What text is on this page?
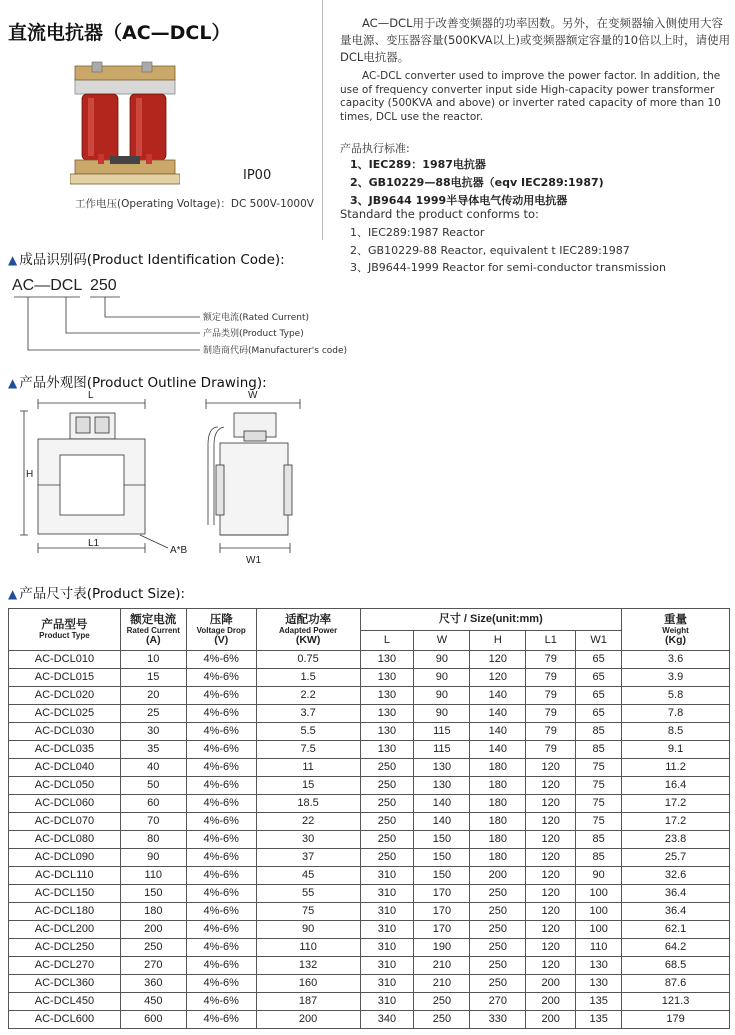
直流电抗器（AC—DCL）	AC—DCL用于改善变频器的功率因数。另外，在变频器输入侧使用大容量电源、变压器容量(500KVA以上)或变频器额定容量的10倍以上时，请使用DCL电抗器。
AC-DCL converter used to improve the power factor. In addition, the use of frequency converter input side High-capacity power transformer capacity (500KVA and above) or inverter rated capacity of more than 10 times, DCL use the reactor.
产品执行标准:
1、IEC289：1987电抗器
2、GB10229—88电抗器（eqv IEC289:1987)
3、JB9644 1999半导体电气传动用电抗器
Standard the product conforms to:
1、IEC289:1987 Reactor
2、GB10229-88 Reactor, equivalent t IEC289:1987
3、JB9644-1999 Reactor for semi-conductor transmission
IP00
工作电压(Operating Voltage)：DC 500V-1000V
▲ 成品识别码(Product Identification Code):
AC—DCL 250
额定电流(Rated Current)
产品类别(Product Type)
制造商代码(Manufacturer's code)
▲ 产品外观图(Product Outline Drawing):
L
H
L1
A*B
W
W1
▲ 产品尺寸表(Product Size):
产品型号
Product Type	额定电流
Rated Current
(A)	压降
Voltage Drop
(V)	适配功率
Adapted Power
(KW)	尺寸 / Size(unit:mm)					重量
Weight
(Kg)

				L	W	H	L1	W1	
AC-DCL010	10	4%-6%	0.75	130	90	120	79	65	3.6
AC-DCL015	15	4%-6%	1.5	130	90	120	79	65	3.9
AC-DCL020	20	4%-6%	2.2	130	90	140	79	65	5.8
AC-DCL025	25	4%-6%	3.7	130	90	140	79	65	7.8
AC-DCL030	30	4%-6%	5.5	130	115	140	79	85	8.5
AC-DCL035	35	4%-6%	7.5	130	115	140	79	85	9.1
AC-DCL040	40	4%-6%	11	250	130	180	120	75	11.2
AC-DCL050	50	4%-6%	15	250	130	180	120	75	16.4
AC-DCL060	60	4%-6%	18.5	250	140	180	120	75	17.2
AC-DCL070	70	4%-6%	22	250	140	180	120	75	17.2
AC-DCL080	80	4%-6%	30	250	150	180	120	85	23.8
AC-DCL090	90	4%-6%	37	250	150	180	120	85	25.7
AC-DCL110	110	4%-6%	45	310	150	200	120	90	32.6
AC-DCL150	150	4%-6%	55	310	170	250	120	100	36.4
AC-DCL180	180	4%-6%	75	310	170	250	120	100	36.4
AC-DCL200	200	4%-6%	90	310	170	250	120	100	62.1
AC-DCL250	250	4%-6%	110	310	190	250	120	110	64.2
AC-DCL270	270	4%-6%	132	310	210	250	120	130	68.5
AC-DCL360	360	4%-6%	160	310	210	250	200	130	87.6
AC-DCL450	450	4%-6%	187	310	250	270	200	135	121.3
AC-DCL600	600	4%-6%	200	340	250	330	200	135	179
